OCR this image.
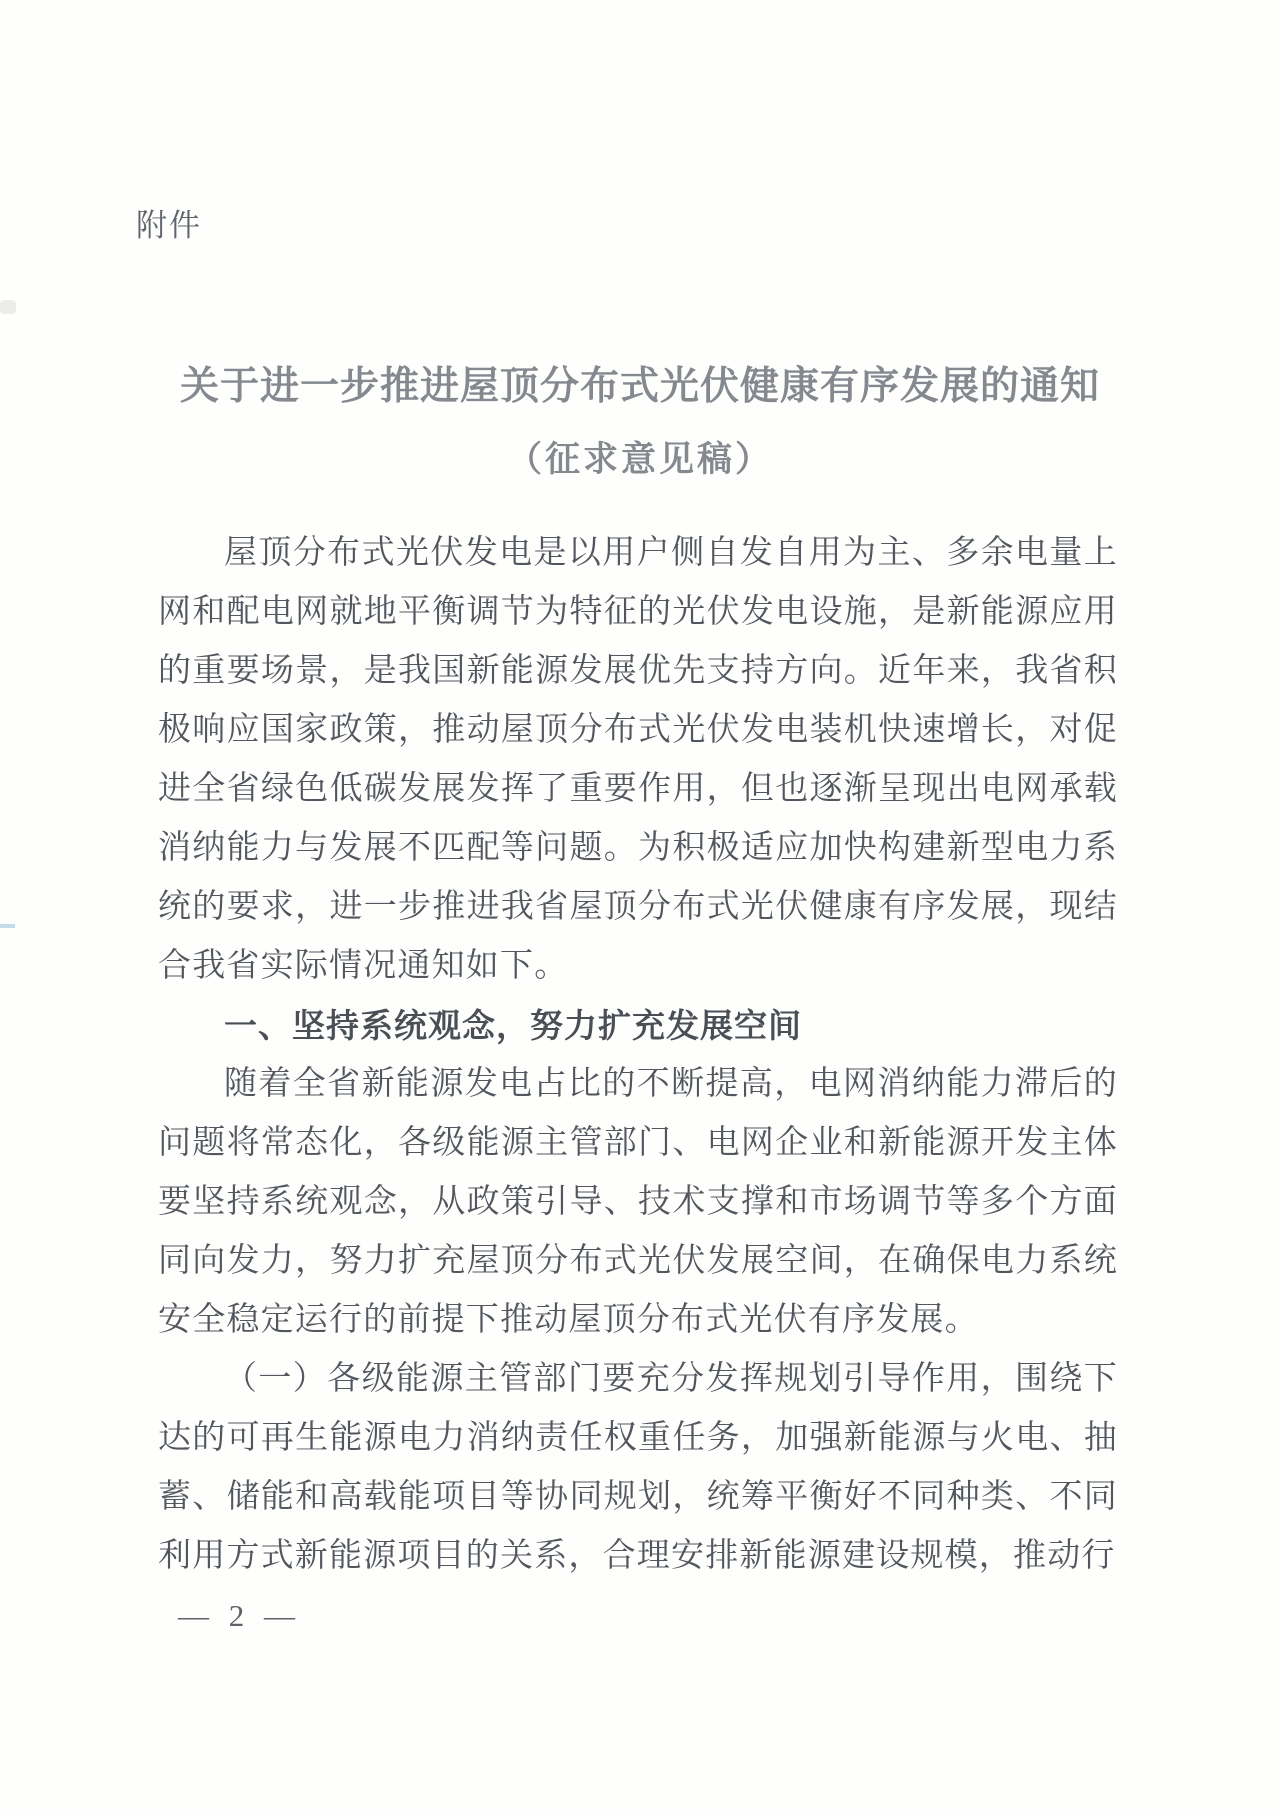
附件
关于进一步推进屋顶分布式光伏健康有序发展的通知
（征求意见稿）

屋顶分布式光伏发电是以用户侧自发自用为主、多余电量上网和配电网就地平衡调节为特征的光伏发电设施，是新能源应用的重要场景，是我国新能源发展优先支持方向。近年来，我省积极响应国家政策，推动屋顶分布式光伏发电装机快速增长，对促进全省绿色低碳发展发挥了重要作用，但也逐渐呈现出电网承载消纳能力与发展不匹配等问题。为积极适应加快构建新型电力系统的要求，进一步推进我省屋顶分布式光伏健康有序发展，现结合我省实际情况通知如下。

一、坚持系统观念，努力扩充发展空间

随着全省新能源发电占比的不断提高，电网消纳能力滞后的问题将常态化，各级能源主管部门、电网企业和新能源开发主体要坚持系统观念，从政策引导、技术支撑和市场调节等多个方面同向发力，努力扩充屋顶分布式光伏发展空间，在确保电力系统安全稳定运行的前提下推动屋顶分布式光伏有序发展。

（一）各级能源主管部门要充分发挥规划引导作用，围绕下达的可再生能源电力消纳责任权重任务，加强新能源与火电、抽蓄、储能和高载能项目等协同规划，统筹平衡好不同种类、不同利用方式新能源项目的关系，合理安排新能源建设规模，推动行

— 2 —
